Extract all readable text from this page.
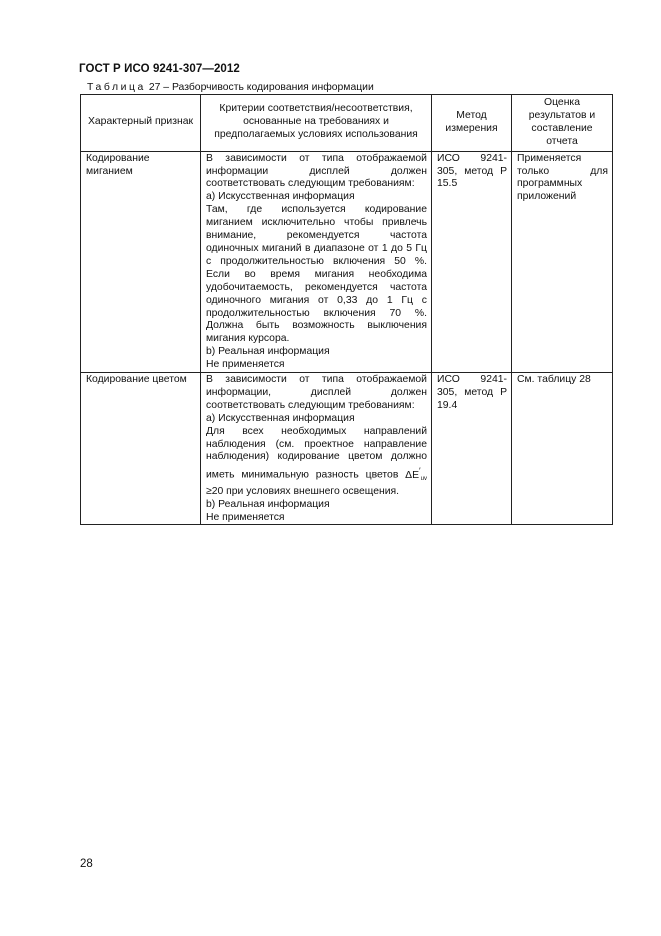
ГОСТ Р ИСО 9241-307—2012
Таблица 27 – Разборчивость кодирования информации
Характерный признак	Критерии соответствия/несоответствия, основанные на требованиях и предполагаемых условиях использования	Метод измерения	Оценка результатов и составление отчета
Кодирование миганием	В зависимости от типа отображаемой информации дисплей должен соответствовать следующим требованиям:
а) Искусственная информация
Там, где используется кодирование миганием исключительно чтобы привлечь внимание, рекомендуется частота одиночных миганий в диапазоне от 1 до 5 Гц с продолжительностью включения 50 %. Если во время мигания необходима удобочитаемость, рекомендуется частота одиночного мигания от 0,33 до 1 Гц с продолжительностью включения 70 %. Должна быть возможность выключения мигания курсора.
b) Реальная информация
Не применяется	ИСО 9241-305, метод Р 15.5	Применяется только для программных приложений
Кодирование цветом	В зависимости от типа отображаемой информации, дисплей должен соответствовать следующим требованиям:
а) Искусственная информация
Для всех необходимых направлений наблюдения (см. проектное направление наблюдения) кодирование цветом должно иметь минимальную разность цветов $\Delta E'_{uv} \ge 20$ при условиях внешнего освещения.
b) Реальная информация
Не применяется	ИСО 9241-305, метод Р 19.4	См. таблицу 28
28
